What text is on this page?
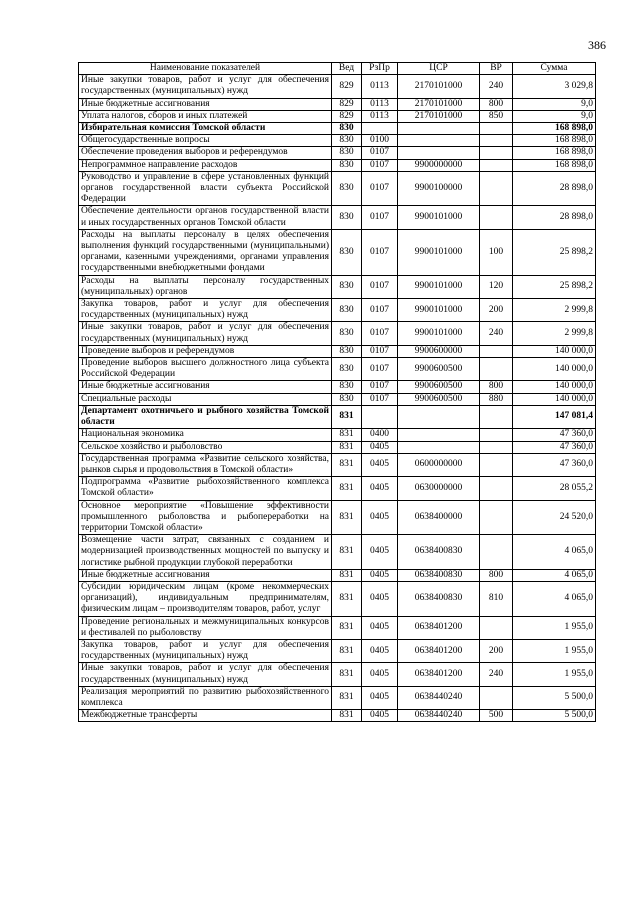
386
Наименование показателей	Вед	РзПр	ЦСР	ВР	Сумма
Иные закупки товаров, работ и услуг для обеспечения государственных (муниципальных) нужд	829	0113	2170101000	240	3 029,8
Иные бюджетные ассигнования	829	0113	2170101000	800	9,0
Уплата налогов, сборов и иных платежей	829	0113	2170101000	850	9,0
Избирательная комиссия Томской области	830				168 898,0
Общегосударственные вопросы	830	0100			168 898,0
Обеспечение проведения выборов и референдумов	830	0107			168 898,0
Непрограммное направление расходов	830	0107	9900000000		168 898,0
Руководство и управление в сфере установленных функций органов государственной власти субъекта Российской Федерации	830	0107	9900100000		28 898,0
Обеспечение деятельности органов государственной власти и иных государственных органов Томской области	830	0107	9900101000		28 898,0
Расходы на выплаты персоналу в целях обеспечения выполнения функций государственными (муниципальными) органами, казенными учреждениями, органами управления государственными внебюджетными фондами	830	0107	9900101000	100	25 898,2
Расходы на выплаты персоналу государственных (муниципальных) органов	830	0107	9900101000	120	25 898,2
Закупка товаров, работ и услуг для обеспечения государственных (муниципальных) нужд	830	0107	9900101000	200	2 999,8
Иные закупки товаров, работ и услуг для обеспечения государственных (муниципальных) нужд	830	0107	9900101000	240	2 999,8
Проведение выборов и референдумов	830	0107	9900600000		140 000,0
Проведение выборов высшего должностного лица субъекта Российской Федерации	830	0107	9900600500		140 000,0
Иные бюджетные ассигнования	830	0107	9900600500	800	140 000,0
Специальные расходы	830	0107	9900600500	880	140 000,0
Департамент охотничьего и рыбного хозяйства Томской области	831				147 081,4
Национальная экономика	831	0400			47 360,0
Сельское хозяйство и рыболовство	831	0405			47 360,0
Государственная программа «Развитие сельского хозяйства, рынков сырья и продовольствия в Томской области»	831	0405	0600000000		47 360,0
Подпрограмма «Развитие рыбохозяйственного комплекса Томской области»	831	0405	0630000000		28 055,2
Основное мероприятие «Повышение эффективности промышленного рыболовства и рыбопереработки на территории Томской области»	831	0405	0638400000		24 520,0
Возмещение части затрат, связанных с созданием и модернизацией производственных мощностей по выпуску и логистике рыбной продукции глубокой переработки	831	0405	0638400830		4 065,0
Иные бюджетные ассигнования	831	0405	0638400830	800	4 065,0
Субсидии юридическим лицам (кроме некоммерческих организаций), индивидуальным предпринимателям, физическим лицам – производителям товаров, работ, услуг	831	0405	0638400830	810	4 065,0
Проведение региональных и межмуниципальных конкурсов и фестивалей по рыболовству	831	0405	0638401200		1 955,0
Закупка товаров, работ и услуг для обеспечения государственных (муниципальных) нужд	831	0405	0638401200	200	1 955,0
Иные закупки товаров, работ и услуг для обеспечения государственных (муниципальных) нужд	831	0405	0638401200	240	1 955,0
Реализация мероприятий по развитию рыбохозяйственного комплекса	831	0405	0638440240		5 500,0
Межбюджетные трансферты	831	0405	0638440240	500	5 500,0
